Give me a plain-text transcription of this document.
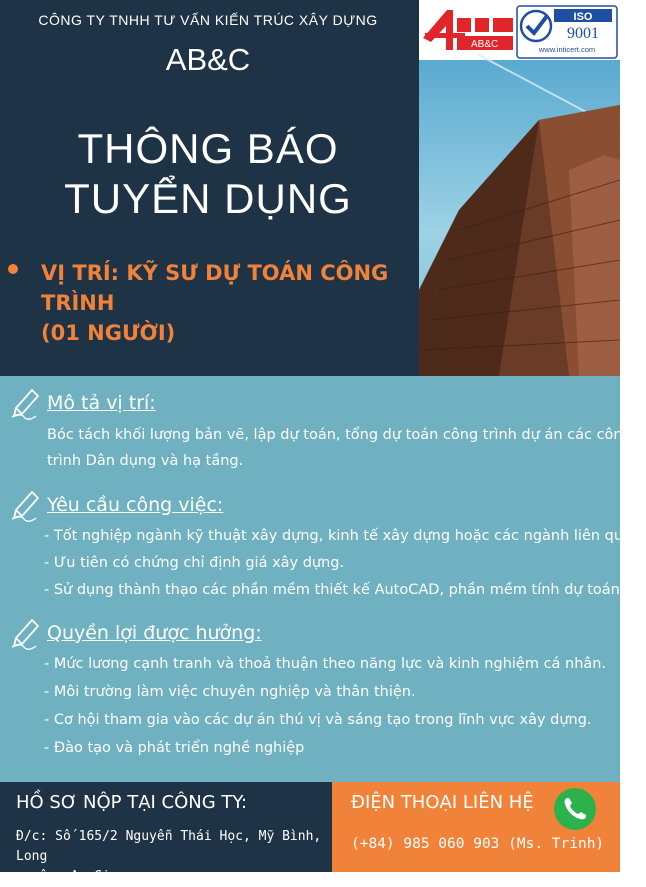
CÔNG TY TNHH TƯ VẤN KIẾN TRÚC XÂY DỰNG
AB&C
THÔNG BÁO
TUYỂN DỤNG
VỊ TRÍ: KỸ SƯ DỰ TOÁN CÔNG TRÌNH
(01 NGƯỜI)
AB&C
ISO
9001
www.inticert.com
Mô tả vị trí:
Bóc tách khối lượng bản vẽ, lập dự toán, tổng dự toán công trình dự án các công
trình Dân dụng và hạ tầng.
Yêu cầu công việc:
- Tốt nghiệp ngành kỹ thuật xây dựng, kinh tế xây dựng hoặc các ngành liên quan.
- Ưu tiên có chứng chỉ định giá xây dựng.
- Sử dụng thành thạo các phần mềm thiết kế AutoCAD, phần mềm tính dự toán
Quyền lợi được hưởng:
- Mức lương cạnh tranh và thoả thuận theo năng lực và kinh nghiệm cá nhân.
- Môi trường làm việc chuyên nghiệp và thân thiện.
- Cơ hội tham gia vào các dự án thú vị và sáng tạo trong lĩnh vực xây dựng.
- Đào tạo và phát triển nghề nghiệp
HỒ SƠ NỘP TẠI CÔNG TY:
Đ/c: Số 165/2 Nguyễn Thái Học, Mỹ Bình, Long
xuyên, An Giang
ĐIỆN THOẠI LIÊN HỆ
(+84) 985 060 903 (Ms. Trinh)
